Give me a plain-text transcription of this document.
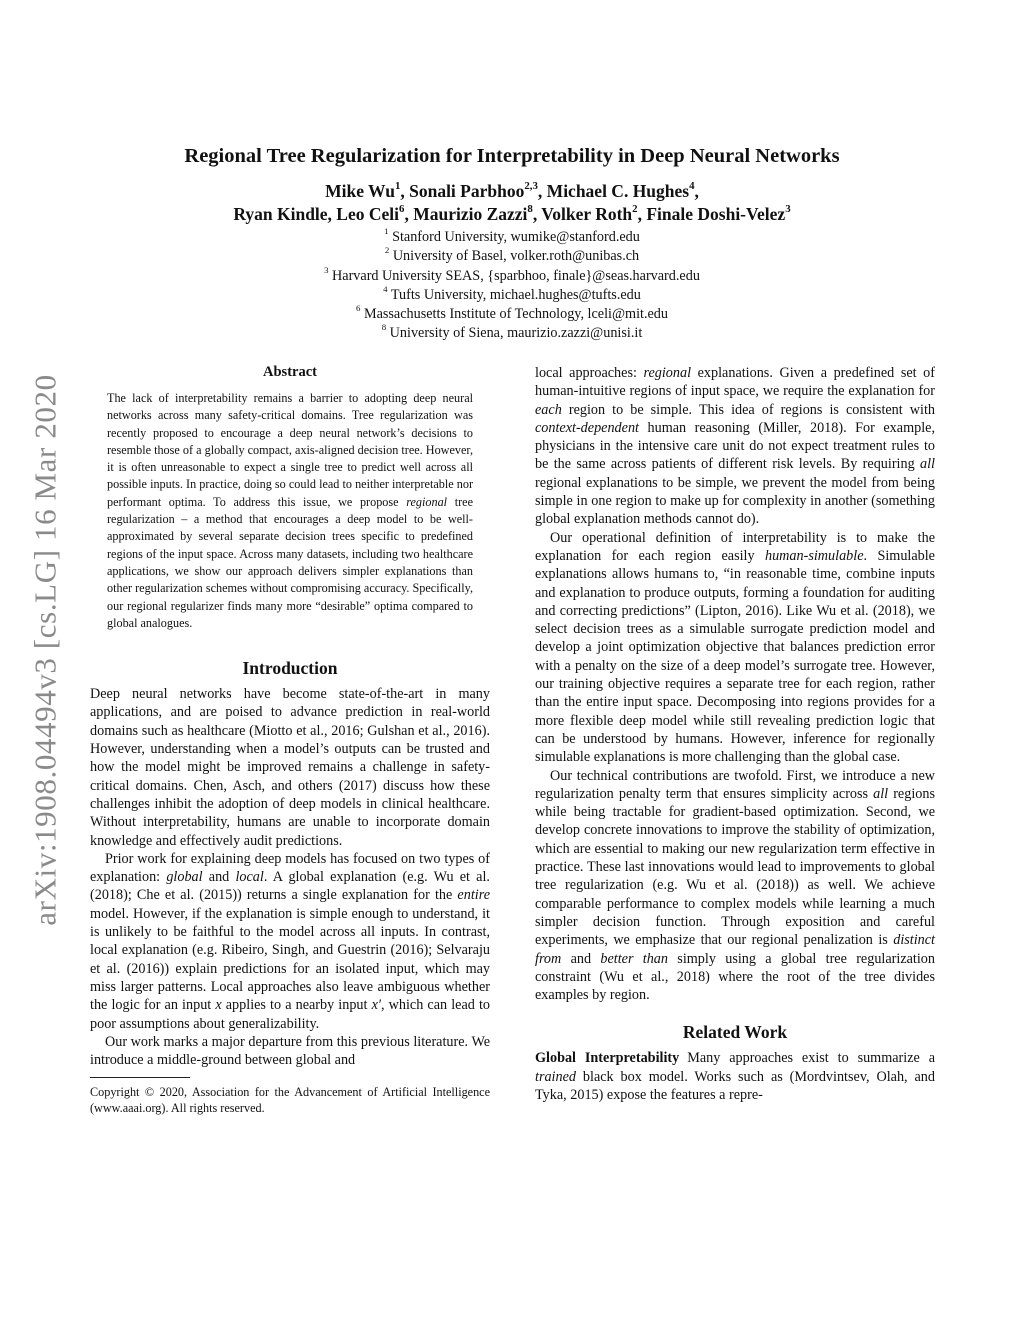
arXiv:1908.04494v3 [cs.LG] 16 Mar 2020
Regional Tree Regularization for Interpretability in Deep Neural Networks
Mike Wu$^1$, Sonali Parbhoo$^{2,3}$, Michael C. Hughes$^4$,
Ryan Kindle, Leo Celi$^6$, Maurizio Zazzi$^8$, Volker Roth$^2$, Finale Doshi-Velez$^3$
$^1$ Stanford University, wumike@stanford.edu
$^2$ University of Basel, volker.roth@unibas.ch
$^3$ Harvard University SEAS, {sparbhoo, finale}@seas.harvard.edu
$^4$ Tufts University, michael.hughes@tufts.edu
$^6$ Massachusetts Institute of Technology, lceli@mit.edu
$^8$ University of Siena, maurizio.zazzi@unisi.it
Abstract

The lack of interpretability remains a barrier to adopting deep neural networks across many safety-critical domains. Tree regularization was recently proposed to encourage a deep neural network’s decisions to resemble those of a globally compact, axis-aligned decision tree. However, it is often unreasonable to expect a single tree to predict well across all possible inputs. In practice, doing so could lead to neither interpretable nor performant optima. To address this issue, we propose regional tree regularization – a method that encourages a deep model to be well-approximated by several separate decision trees specific to predefined regions of the input space. Across many datasets, including two healthcare applications, we show our approach delivers simpler explanations than other regularization schemes without compromising accuracy. Specifically, our regional regularizer finds many more “desirable” optima compared to global analogues.

Introduction

Deep neural networks have become state-of-the-art in many applications, and are poised to advance prediction in real-world domains such as healthcare (Miotto et al., 2016; Gulshan et al., 2016). However, understanding when a model’s outputs can be trusted and how the model might be improved remains a challenge in safety-critical domains. Chen, Asch, and others (2017) discuss how these challenges inhibit the adoption of deep models in clinical healthcare. Without interpretability, humans are unable to incorporate domain knowledge and effectively audit predictions.

Prior work for explaining deep models has focused on two types of explanation: global and local. A global explanation (e.g. Wu et al. (2018); Che et al. (2015)) returns a single explanation for the entire model. However, if the explanation is simple enough to understand, it is unlikely to be faithful to the model across all inputs. In contrast, local explanation (e.g. Ribeiro, Singh, and Guestrin (2016); Selvaraju et al. (2016)) explain predictions for an isolated input, which may miss larger patterns. Local approaches also leave ambiguous whether the logic for an input x applies to a nearby input x′, which can lead to poor assumptions about generalizability.

Our work marks a major departure from this previous literature. We introduce a middle-ground between global and

Copyright © 2020, Association for the Advancement of Artificial Intelligence (www.aaai.org). All rights reserved.

local approaches: regional explanations. Given a predefined set of human-intuitive regions of input space, we require the explanation for each region to be simple. This idea of regions is consistent with context-dependent human reasoning (Miller, 2018). For example, physicians in the intensive care unit do not expect treatment rules to be the same across patients of different risk levels. By requiring all regional explanations to be simple, we prevent the model from being simple in one region to make up for complexity in another (something global explanation methods cannot do).

Our operational definition of interpretability is to make the explanation for each region easily human-simulable. Simulable explanations allows humans to, “in reasonable time, combine inputs and explanation to produce outputs, forming a foundation for auditing and correcting predictions” (Lipton, 2016). Like Wu et al. (2018), we select decision trees as a simulable surrogate prediction model and develop a joint optimization objective that balances prediction error with a penalty on the size of a deep model’s surrogate tree. However, our training objective requires a separate tree for each region, rather than the entire input space. Decomposing into regions provides for a more flexible deep model while still revealing prediction logic that can be understood by humans. However, inference for regionally simulable explanations is more challenging than the global case.

Our technical contributions are twofold. First, we introduce a new regularization penalty term that ensures simplicity across all regions while being tractable for gradient-based optimization. Second, we develop concrete innovations to improve the stability of optimization, which are essential to making our new regularization term effective in practice. These last innovations would lead to improvements to global tree regularization (e.g. Wu et al. (2018)) as well. We achieve comparable performance to complex models while learning a much simpler decision function. Through exposition and careful experiments, we emphasize that our regional penalization is distinct from and better than simply using a global tree regularization constraint (Wu et al., 2018) where the root of the tree divides examples by region.

Related Work

Global Interpretability Many approaches exist to summarize a trained black box model. Works such as (Mordvintsev, Olah, and Tyka, 2015) expose the features a repre-
